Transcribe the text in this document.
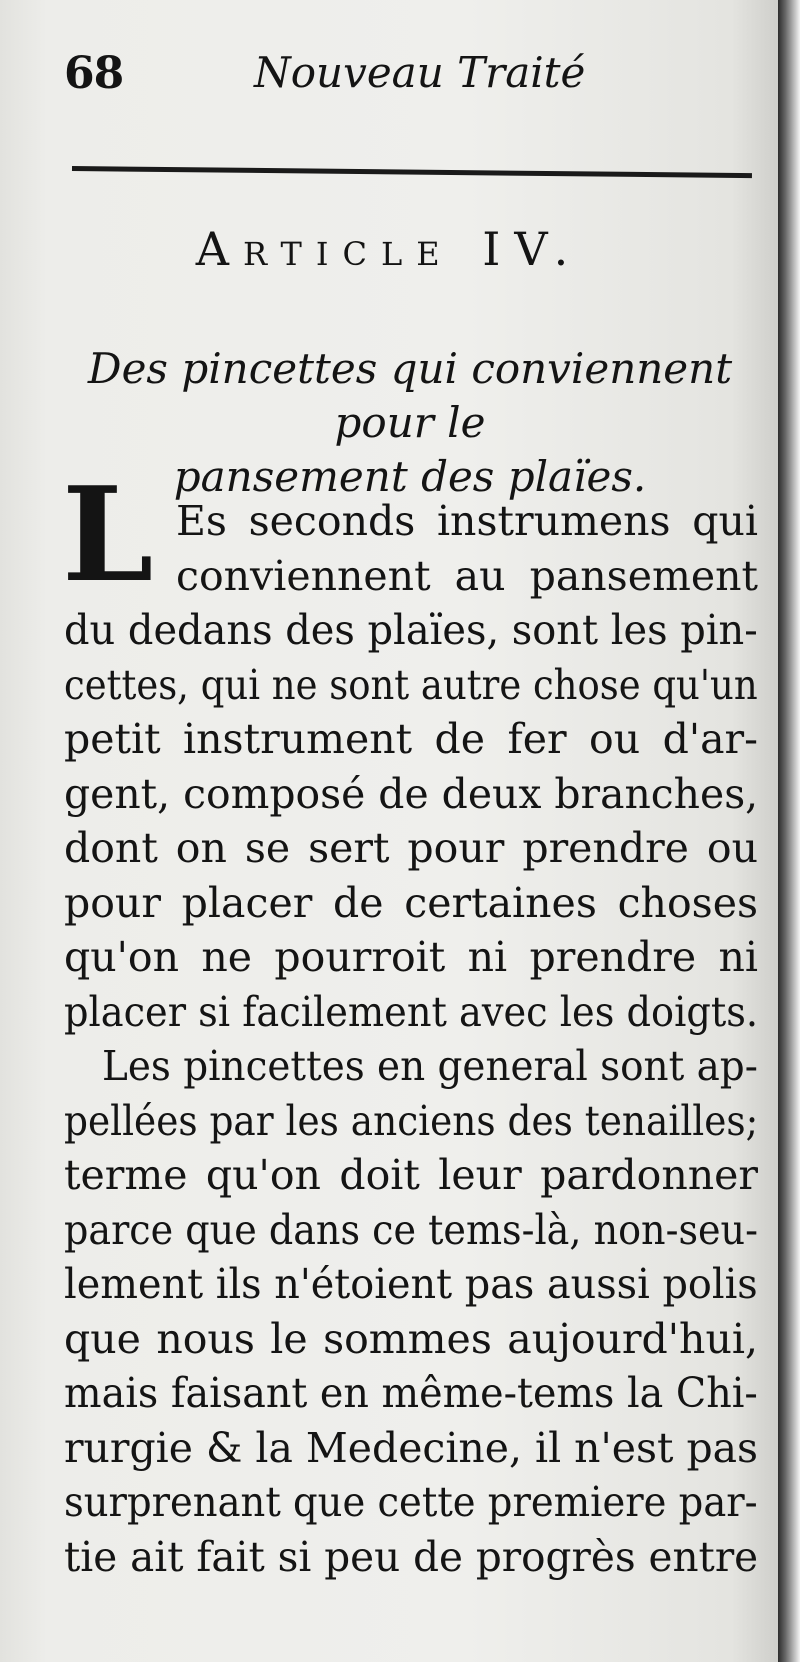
68	Nouveau Traité
Article IV.
Des pincettes qui conviennent pour le
pansement des plaïes.
L Es seconds instrumens qui
conviennent au pansement
du dedans des plaïes, sont les pin-
cettes, qui ne sont autre chose qu'un
petit instrument de fer ou d'ar-
gent, composé de deux branches,
dont on se sert pour prendre ou
pour placer de certaines choses
qu'on ne pourroit ni prendre ni
placer si facilement avec les doigts.
Les pincettes en general sont ap-
pellées par les anciens des tenailles;
terme qu'on doit leur pardonner
parce que dans ce tems-là, non-seu-
lement ils n'étoient pas aussi polis
que nous le sommes aujourd'hui,
mais faisant en même-tems la Chi-
rurgie & la Medecine, il n'est pas
surprenant que cette premiere par-
tie ait fait si peu de progrès entre
